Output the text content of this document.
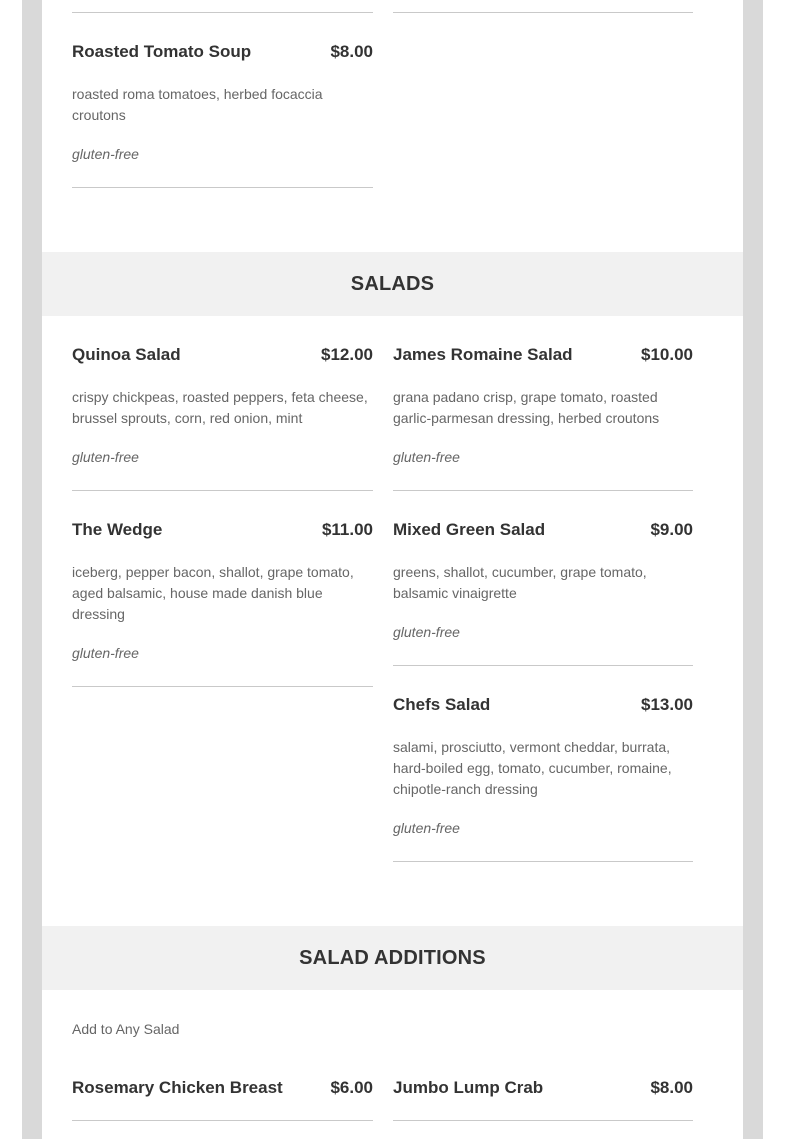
Roasted Tomato Soup	$8.00
roasted roma tomatoes, herbed focaccia croutons
gluten-free
SALADS
Quinoa Salad	$12.00
crispy chickpeas, roasted peppers, feta cheese, brussel sprouts, corn, red onion, mint
gluten-free
James Romaine Salad	$10.00
grana padano crisp, grape tomato, roasted garlic-parmesan dressing, herbed croutons
gluten-free
The Wedge	$11.00
iceberg, pepper bacon, shallot, grape tomato, aged balsamic, house made danish blue dressing
gluten-free
Mixed Green Salad	$9.00
greens, shallot, cucumber, grape tomato, balsamic vinaigrette
gluten-free
Chefs Salad	$13.00
salami, prosciutto, vermont cheddar, burrata, hard-boiled egg, tomato, cucumber, romaine, chipotle-ranch dressing
gluten-free
SALAD ADDITIONS
Add to Any Salad
Rosemary Chicken Breast	$6.00 Jumbo Lump Crab	$8.00
